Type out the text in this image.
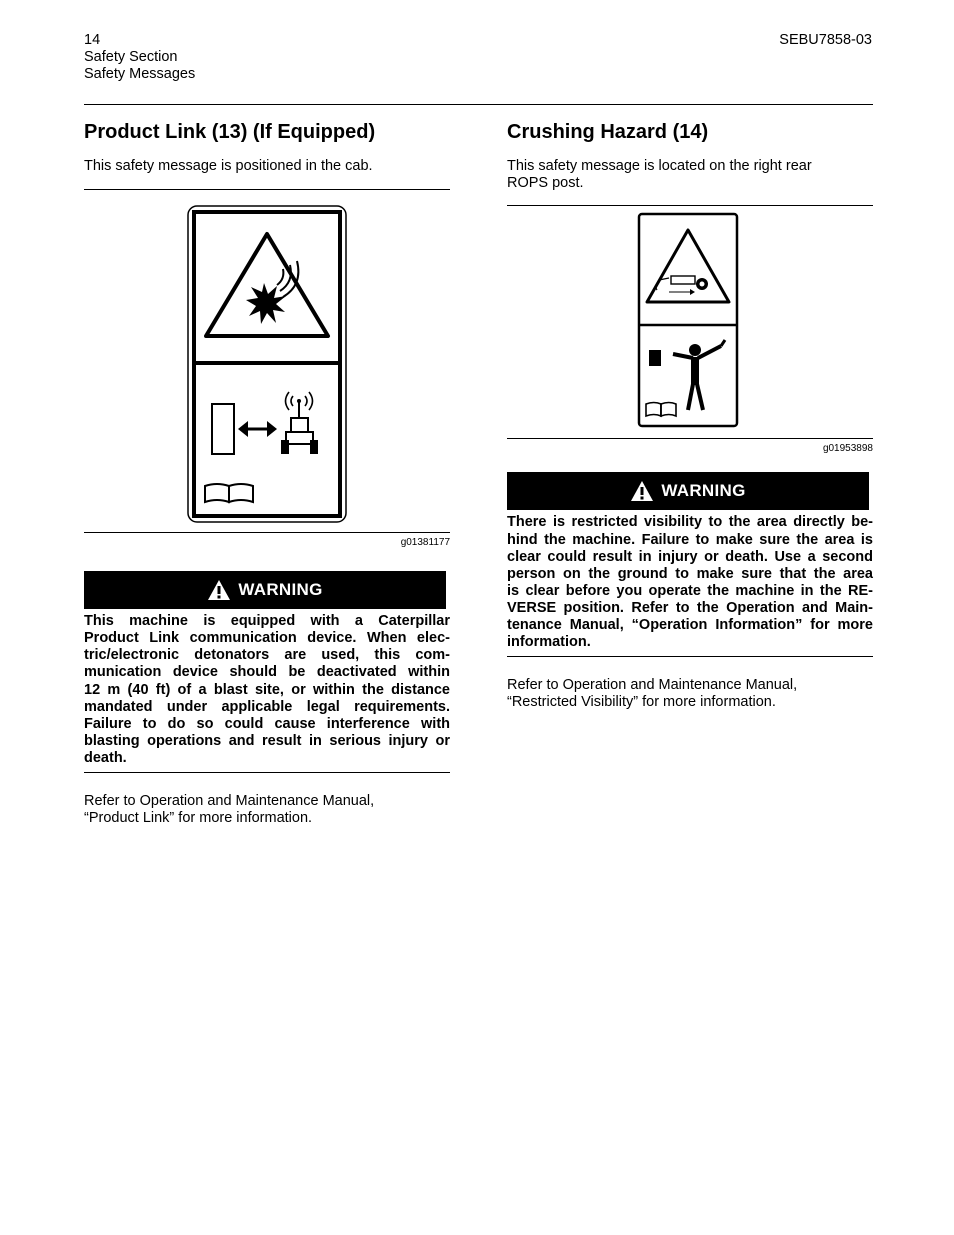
14
Safety Section
Safety Messages
SEBU7858-03
Product Link (13) (If Equipped)

This safety message is positioned in the cab.

g01381177
WARNING
This machine is equipped with a Caterpillar
Product Link communication device. When elec-
tric/electronic detonators are used, this com-
munication device should be deactivated within
12 m (40 ft) of a blast site, or within the distance
mandated under applicable legal requirements.
Failure to do so could cause interference with
blasting operations and result in serious injury or
death.

Refer to Operation and Maintenance Manual,

“Product Link” for more information.

Crushing Hazard (14)

This safety message is located on the right rear

ROPS post.

g01953898
WARNING
There is restricted visibility to the area directly be-
hind the machine. Failure to make sure the area is
clear could result in injury or death. Use a second
person on the ground to make sure that the area
is clear before you operate the machine in the RE-
VERSE position. Refer to the Operation and Main-
tenance Manual, “Operation Information” for more
information.

Refer to Operation and Maintenance Manual,

“Restricted Visibility” for more information.
